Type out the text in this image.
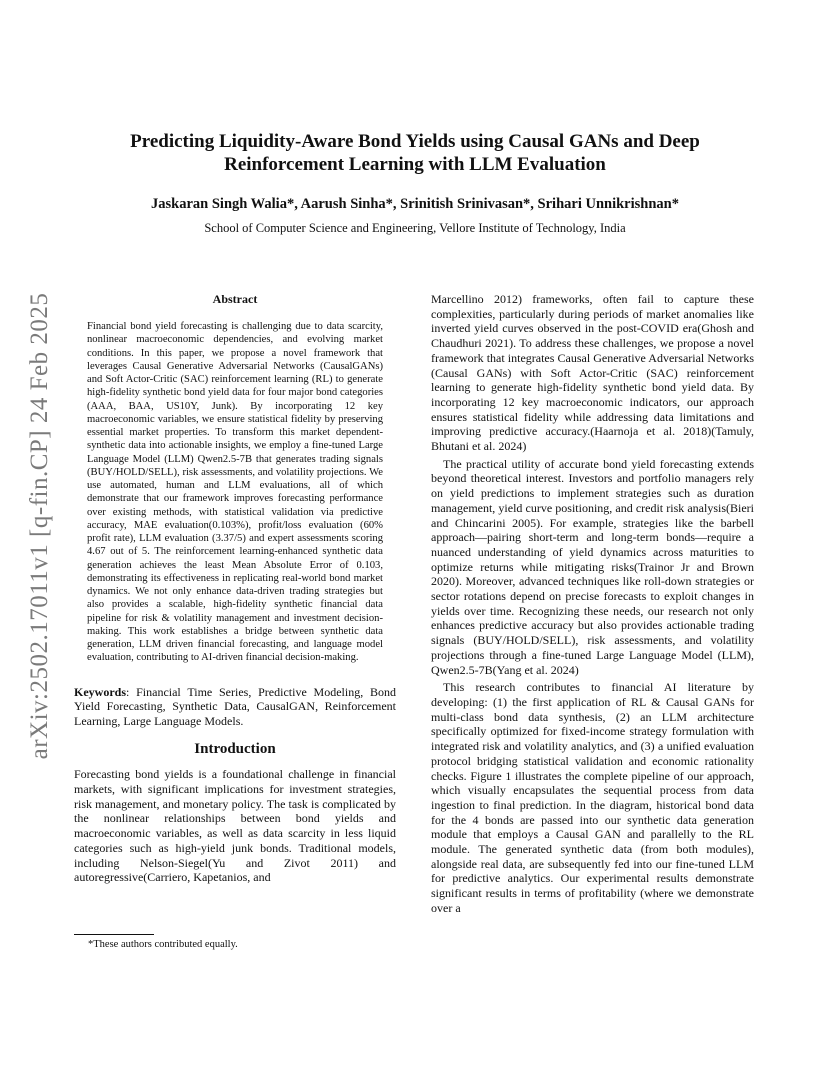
arXiv:2502.17011v1 [q-fin.CP] 24 Feb 2025
Predicting Liquidity-Aware Bond Yields using Causal GANs and Deep Reinforcement Learning with LLM Evaluation

Jaskaran Singh Walia*, Aarush Sinha*, Srinitish Srinivasan*, Srihari Unnikrishnan*

School of Computer Science and Engineering, Vellore Institute of Technology, India

Abstract

Financial bond yield forecasting is challenging due to data scarcity, nonlinear macroeconomic dependencies, and evolving market conditions. In this paper, we propose a novel framework that leverages Causal Generative Adversarial Networks (CausalGANs) and Soft Actor-Critic (SAC) reinforcement learning (RL) to generate high-fidelity synthetic bond yield data for four major bond categories (AAA, BAA, US10Y, Junk). By incorporating 12 key macroeconomic variables, we ensure statistical fidelity by preserving essential market properties. To transform this market dependent-synthetic data into actionable insights, we employ a fine-tuned Large Language Model (LLM) Qwen2.5-7B that generates trading signals (BUY/HOLD/SELL), risk assessments, and volatility projections. We use automated, human and LLM evaluations, all of which demonstrate that our framework improves forecasting performance over existing methods, with statistical validation via predictive accuracy, MAE evaluation(0.103%), profit/loss evaluation (60% profit rate), LLM evaluation (3.37/5) and expert assessments scoring 4.67 out of 5. The reinforcement learning-enhanced synthetic data generation achieves the least Mean Absolute Error of 0.103, demonstrating its effectiveness in replicating real-world bond market dynamics. We not only enhance data-driven trading strategies but also provides a scalable, high-fidelity synthetic financial data pipeline for risk & volatility management and investment decision-making. This work establishes a bridge between synthetic data generation, LLM driven financial forecasting, and language model evaluation, contributing to AI-driven financial decision-making.

Keywords: Financial Time Series, Predictive Modeling, Bond Yield Forecasting, Synthetic Data, CausalGAN, Reinforcement Learning, Large Language Models.

Introduction

Forecasting bond yields is a foundational challenge in financial markets, with significant implications for investment strategies, risk management, and monetary policy. The task is complicated by the nonlinear relationships between bond yields and macroeconomic variables, as well as data scarcity in less liquid categories such as high-yield junk bonds. Traditional models, including Nelson-Siegel(Yu and Zivot 2011) and autoregressive(Carriero, Kapetanios, and

Marcellino 2012) frameworks, often fail to capture these complexities, particularly during periods of market anomalies like inverted yield curves observed in the post-COVID era(Ghosh and Chaudhuri 2021). To address these challenges, we propose a novel framework that integrates Causal Generative Adversarial Networks (Causal GANs) with Soft Actor-Critic (SAC) reinforcement learning to generate high-fidelity synthetic bond yield data. By incorporating 12 key macroeconomic indicators, our approach ensures statistical fidelity while addressing data limitations and improving predictive accuracy.(Haarnoja et al. 2018)(Tamuly, Bhutani et al. 2024)

The practical utility of accurate bond yield forecasting extends beyond theoretical interest. Investors and portfolio managers rely on yield predictions to implement strategies such as duration management, yield curve positioning, and credit risk analysis(Bieri and Chincarini 2005). For example, strategies like the barbell approach—pairing short-term and long-term bonds—require a nuanced understanding of yield dynamics across maturities to optimize returns while mitigating risks(Trainor Jr and Brown 2020). Moreover, advanced techniques like roll-down strategies or sector rotations depend on precise forecasts to exploit changes in yields over time. Recognizing these needs, our research not only enhances predictive accuracy but also provides actionable trading signals (BUY/HOLD/SELL), risk assessments, and volatility projections through a fine-tuned Large Language Model (LLM), Qwen2.5-7B(Yang et al. 2024)

This research contributes to financial AI literature by developing: (1) the first application of RL & Causal GANs for multi-class bond data synthesis, (2) an LLM architecture specifically optimized for fixed-income strategy formulation with integrated risk and volatility analytics, and (3) a unified evaluation protocol bridging statistical validation and economic rationality checks. Figure 1 illustrates the complete pipeline of our approach, which visually encapsulates the sequential process from data ingestion to final prediction. In the diagram, historical bond data for the 4 bonds are passed into our synthetic data generation module that employs a Causal GAN and parallelly to the RL module. The generated synthetic data (from both modules), alongside real data, are subsequently fed into our fine-tuned LLM for predictive analytics. Our experimental results demonstrate significant results in terms of profitability (where we demonstrate over a

*These authors contributed equally.
